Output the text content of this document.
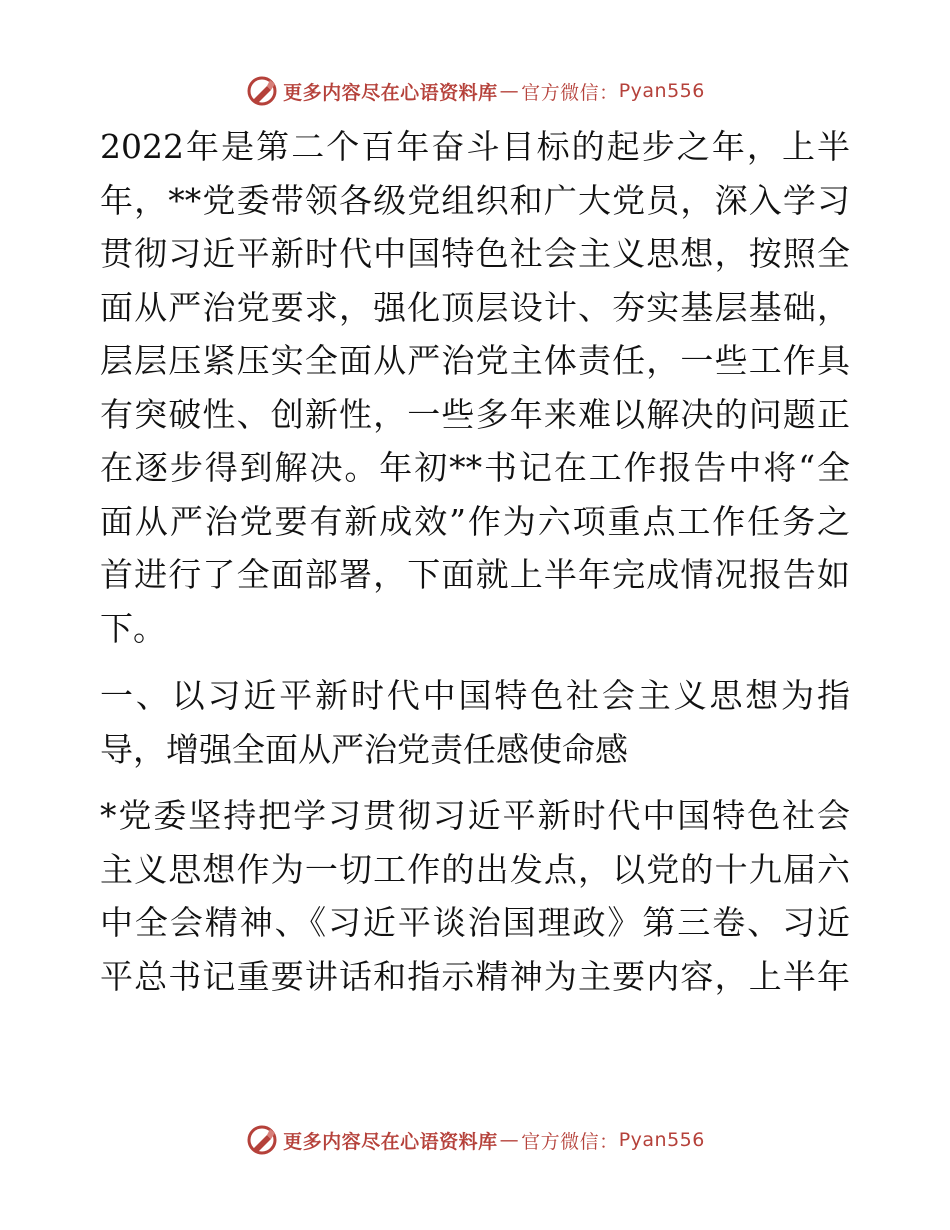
更多内容尽在心语资料库 — 官方微信： Pyan556

2022年是第二个百年奋斗目标的起步之年，上半
年，**党委带领各级党组织和广大党员，深入学习
贯彻习近平新时代中国特色社会主义思想，按照全
面从严治党要求，强化顶层设计、夯实基层基础，
层层压紧压实全面从严治党主体责任，一些工作具
有突破性、创新性，一些多年来难以解决的问题正
在逐步得到解决。年初**书记在工作报告中将“全
面从严治党要有新成效”作为六项重点工作任务之
首进行了全面部署，下面就上半年完成情况报告如
下。

一、以习近平新时代中国特色社会主义思想为指
导，增强全面从严治党责任感使命感

*党委坚持把学习贯彻习近平新时代中国特色社会
主义思想作为一切工作的出发点，以党的十九届六
中全会精神、《习近平谈治国理政》第三卷、习近
平总书记重要讲话和指示精神为主要内容，上半年

更多内容尽在心语资料库 — 官方微信： Pyan556
